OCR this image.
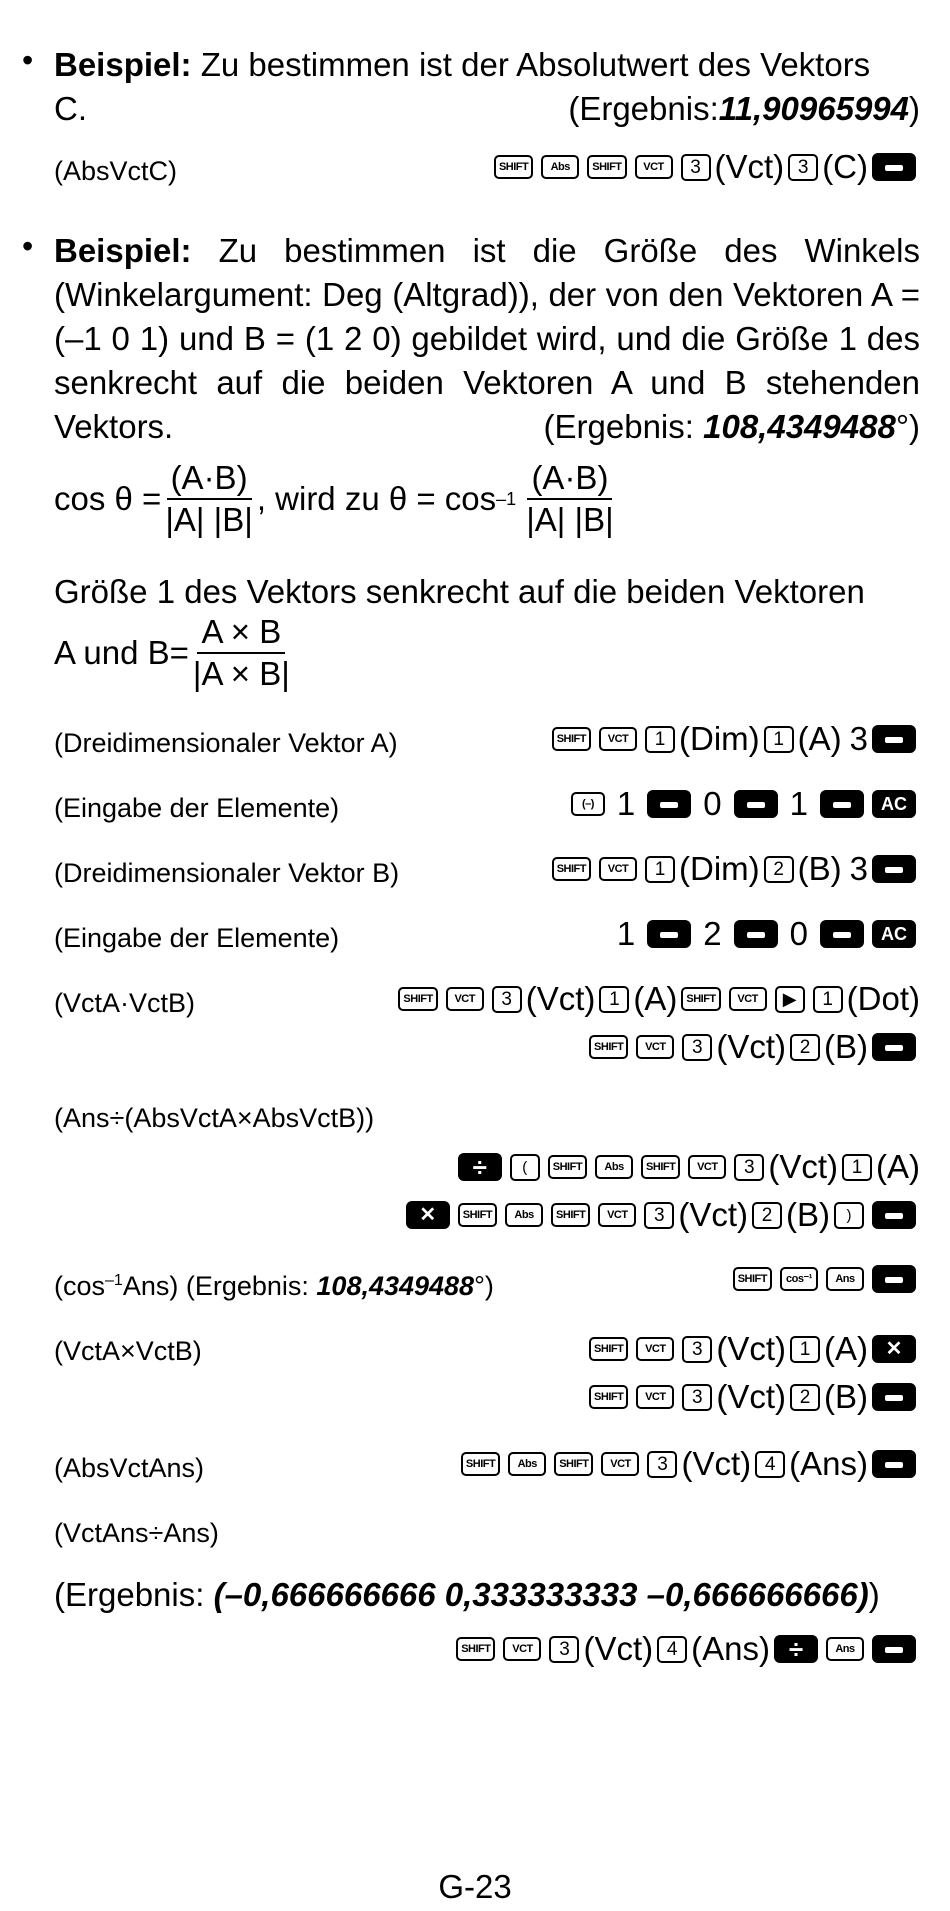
• Beispiel: Zu bestimmen ist der Absolutwert des Vektors
C.	(Ergebnis:11,90965994)
(AbsVctC)	SHIFT	Abs	SHIFT	VCT	3 (Vct) 3 (C)
• Beispiel: Zu bestimmen ist die Größe des Winkels (Winkelargument: Deg (Altgrad)), der von den Vektoren A = (–1 0 1) und B = (1 2 0) gebildet wird, und die Größe 1 des senkrecht auf die beiden Vektoren A und B stehenden Vektors.	(Ergebnis: 108,4349488°)
$\cos \theta = \frac{(A\cdot B)}{|A| |B|}$ , wird zu $\theta = \cos -1 \frac{(A\cdot B)}{|A| |B|}$
Größe 1 des Vektors senkrecht auf die beiden Vektoren
A und $B= \frac{A \times B}{|A \times B|}$
(Dreidimensionaler Vektor A)	SHIFT	VCT	1 (Dim) 1 (A) 3
(Eingabe der Elemente)	(–) 1 0 1	AC
(Dreidimensionaler Vektor B)	SHIFT	VCT	1 (Dim) 2 (B) 3
(Eingabe der Elemente)	1 2 0	AC
(VctA·VctB)	SHIFT	VCT	3 (Vct) 1 (A) SHIFT	VCT	▶	1 (Dot)
SHIFT	VCT	3 (Vct) 2 (B)
(Ans÷(AbsVctA×AbsVctB))
÷	(	SHIFT	Abs	SHIFT	VCT	3 (Vct) 1 (A)
✕	SHIFT	Abs	SHIFT	VCT	3 (Vct) 2 (B)	)
$(\cos^{-1}Ans)$ (Ergebnis: 108,4349488°)	SHIFT	cos⁻¹	Ans
(VctA×VctB)	SHIFT	VCT	3 (Vct) 1 (A) ✕
SHIFT	VCT	3 (Vct) 2 (B)
(AbsVctAns)	SHIFT	Abs	SHIFT	VCT	3 (Vct) 4 (Ans)
(VctAns÷Ans)
(Ergebnis: (–0,666666666 0,333333333 –0,666666666))
SHIFT	VCT	3 (Vct) 4 (Ans) ÷	Ans
G-23
